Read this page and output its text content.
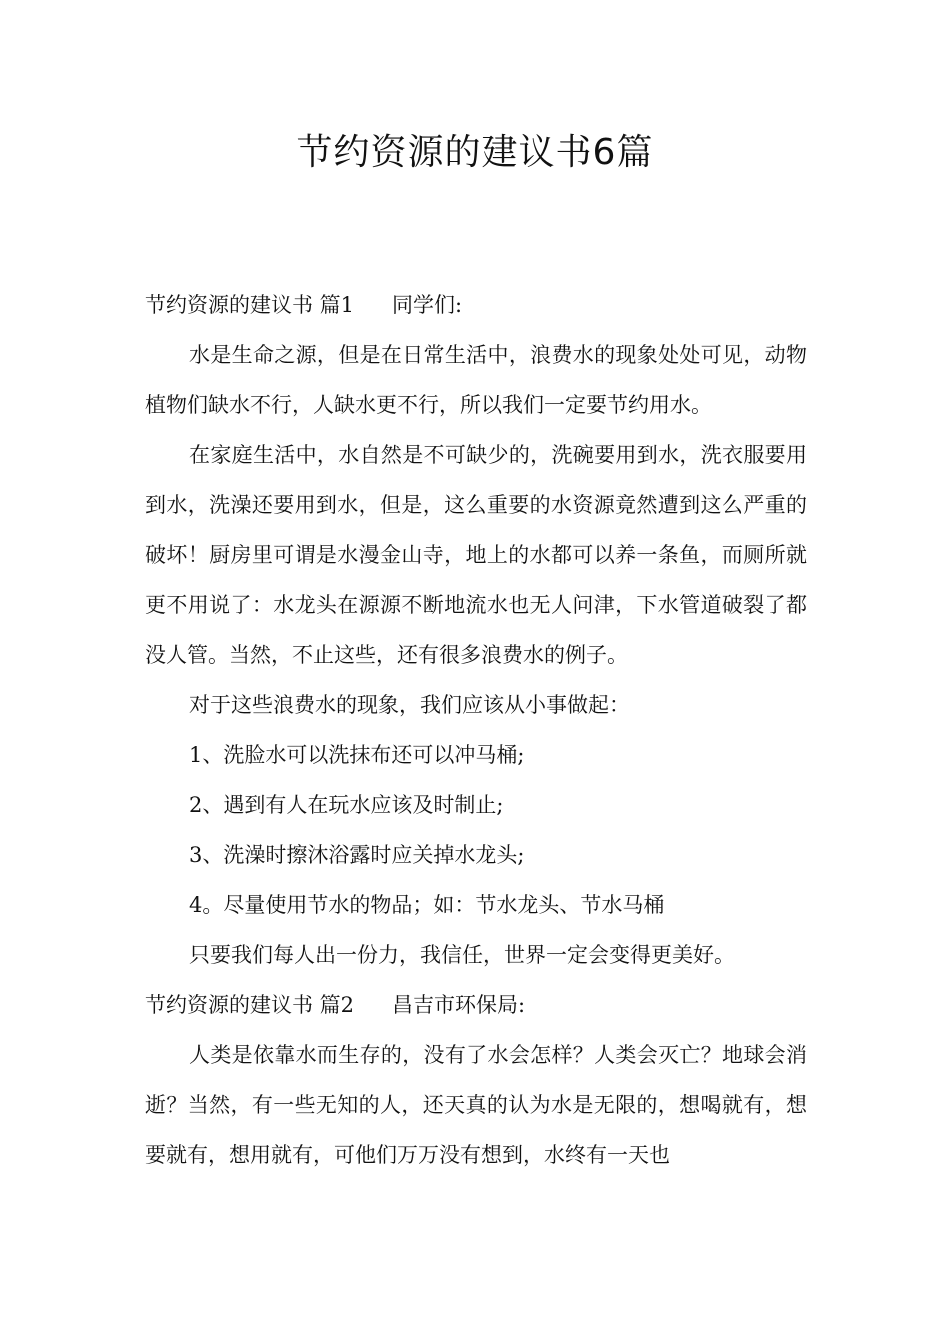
节约资源的建议书6篇

节约资源的建议书 篇1 同学们:

水是生命之源，但是在日常生活中，浪费水的现象处处可见，动物植物们缺水不行，人缺水更不行，所以我们一定要节约用水。

在家庭生活中，水自然是不可缺少的，洗碗要用到水，洗衣服要用到水，洗澡还要用到水，但是，这么重要的水资源竟然遭到这么严重的破坏！厨房里可谓是水漫金山寺，地上的水都可以养一条鱼，而厕所就更不用说了：水龙头在源源不断地流水也无人问津，下水管道破裂了都没人管。当然，不止这些，还有很多浪费水的例子。

对于这些浪费水的现象，我们应该从小事做起：

1、洗脸水可以洗抹布还可以冲马桶;

2、遇到有人在玩水应该及时制止;

3、洗澡时擦沐浴露时应关掉水龙头;

4。尽量使用节水的物品；如：节水龙头、节水马桶

只要我们每人出一份力，我信任，世界一定会变得更美好。

节约资源的建议书 篇2 昌吉市环保局:

人类是依靠水而生存的，没有了水会怎样？人类会灭亡？地球会消逝？当然，有一些无知的人，还天真的认为水是无限的，想喝就有，想要就有，想用就有，可他们万万没有想到，水终有一天也
